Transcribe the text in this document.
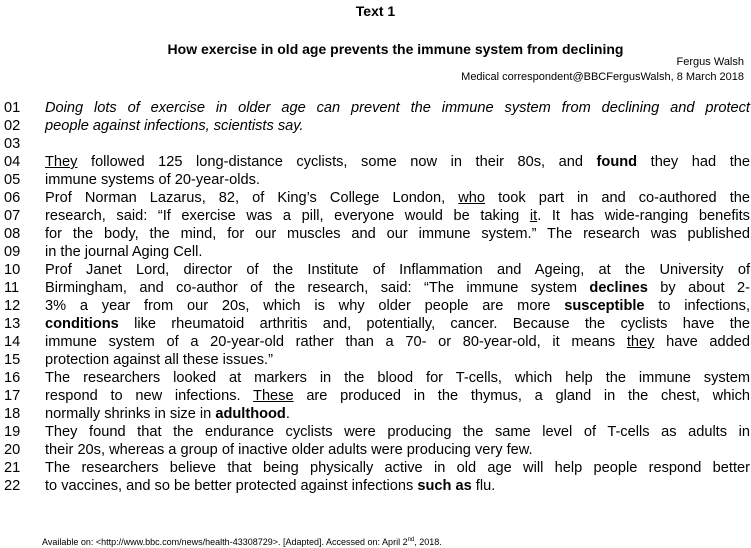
Text 1
How exercise in old age prevents the immune system from declining
Fergus Walsh
Medical correspondent@BBCFergusWalsh, 8 March 2018
01	Doing lots of exercise in older age can prevent the immune system from declining and protect
02	people against infections, scientists say.
03
04	They followed 125 long-distance cyclists, some now in their 80s, and found they had the
05	immune systems of 20-year-olds.
06	Prof Norman Lazarus, 82, of King’s College London, who took part in and co-authored the
07	research, said: “If exercise was a pill, everyone would be taking it. It has wide-ranging benefits
08	for the body, the mind, for our muscles and our immune system.” The research was published
09	in the journal Aging Cell.
10	Prof Janet Lord, director of the Institute of Inflammation and Ageing, at the University of
11	Birmingham, and co-author of the research, said: “The immune system declines by about 2-
12	3% a year from our 20s, which is why older people are more susceptible to infections,
13	conditions like rheumatoid arthritis and, potentially, cancer. Because the cyclists have the
14	immune system of a 20-year-old rather than a 70- or 80-year-old, it means they have added
15	protection against all these issues.”
16	The researchers looked at markers in the blood for T-cells, which help the immune system
17	respond to new infections. These are produced in the thymus, a gland in the chest, which
18	normally shrinks in size in adulthood.
19	They found that the endurance cyclists were producing the same level of T-cells as adults in
20	their 20s, whereas a group of inactive older adults were producing very few.
21	The researchers believe that being physically active in old age will help people respond better
22	to vaccines, and so be better protected against infections such as flu.
Available on: <http://www.bbc.com/news/health-43308729>. [Adapted]. Accessed on: April 2nd, 2018.
